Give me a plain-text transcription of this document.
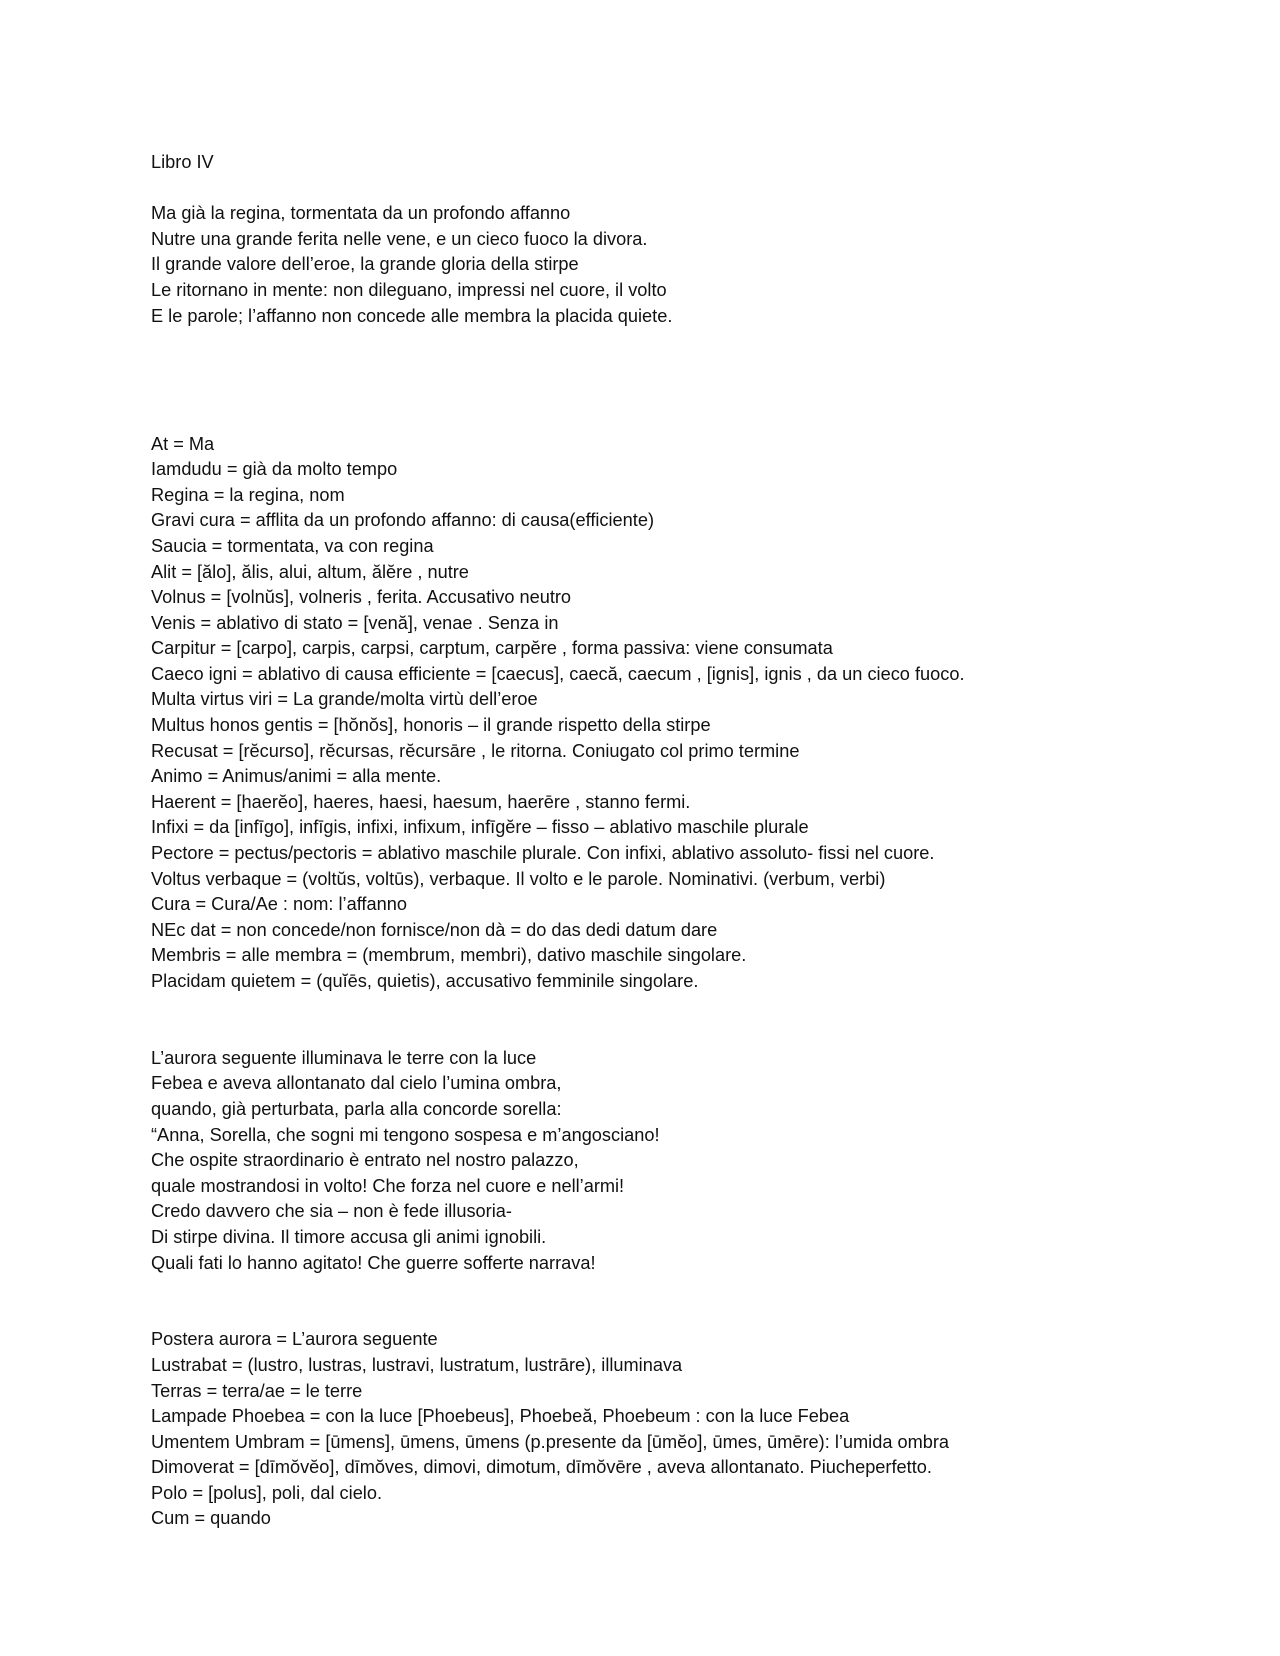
Libro IV
Ma già la regina, tormentata da un profondo affanno
Nutre una grande ferita nelle vene, e un cieco fuoco la divora.
Il grande valore dell’eroe, la grande gloria della stirpe
Le ritornano in mente: non dileguano, impressi nel cuore, il volto
E le parole; l’affanno non concede alle membra la placida quiete.
At = Ma
Iamdudu = già da molto tempo
Regina = la regina, nom
Gravi cura = afflita da un profondo affanno: di causa(efficiente)
Saucia = tormentata, va con regina
Alit = [ălo], ălis, alui, altum, ălĕre , nutre
Volnus = [volnŭs], volneris , ferita. Accusativo neutro
Venis = ablativo di stato = [venă], venae . Senza in
Carpitur = [carpo], carpis, carpsi, carptum, carpĕre , forma passiva: viene consumata
Caeco igni = ablativo di causa efficiente = [caecus], caecă, caecum , [ignis], ignis , da un cieco fuoco.
Multa virtus viri = La grande/molta virtù dell’eroe
Multus honos gentis = [hŏnŏs], honoris – il grande rispetto della stirpe
Recusat = [rĕcurso], rĕcursas, rĕcursāre , le ritorna. Coniugato col primo termine
Animo = Animus/animi = alla mente.
Haerent = [haerĕo], haeres, haesi, haesum, haerēre , stanno fermi.
Infixi = da [infīgo], infīgis, infixi, infixum, infīgĕre – fisso – ablativo maschile plurale
Pectore = pectus/pectoris = ablativo maschile plurale. Con infixi, ablativo assoluto- fissi nel cuore.
Voltus verbaque = (voltŭs, voltūs), verbaque. Il volto e le parole. Nominativi. (verbum, verbi)
Cura = Cura/Ae : nom: l’affanno
NEc dat = non concede/non fornisce/non dà = do das dedi datum dare
Membris = alle membra = (membrum, membri), dativo maschile singolare.
Placidam quietem = (quĭēs, quietis), accusativo femminile singolare.
L’aurora seguente illuminava le terre con la luce
Febea e aveva allontanato dal cielo l’umina ombra,
quando, già perturbata, parla alla concorde sorella:
“Anna, Sorella, che sogni mi tengono sospesa e m’angosciano!
Che ospite straordinario è entrato nel nostro palazzo,
quale mostrandosi in volto! Che forza nel cuore e nell’armi!
Credo davvero che sia – non è fede illusoria-
Di stirpe divina. Il timore accusa gli animi ignobili.
Quali fati lo hanno agitato! Che guerre sofferte narrava!
Postera aurora = L’aurora seguente
Lustrabat = (lustro, lustras, lustravi, lustratum, lustrāre), illuminava
Terras = terra/ae = le terre
Lampade Phoebea = con la luce [Phoebeus], Phoebeă, Phoebeum : con la luce Febea
Umentem Umbram = [ūmens], ūmens, ūmens (p.presente da [ūmĕo], ūmes, ūmēre): l’umida ombra
Dimoverat = [dīmŏvĕo], dīmŏves, dimovi, dimotum, dīmŏvēre , aveva allontanato. Piucheperfetto.
Polo = [polus], poli, dal cielo.
Cum = quando
